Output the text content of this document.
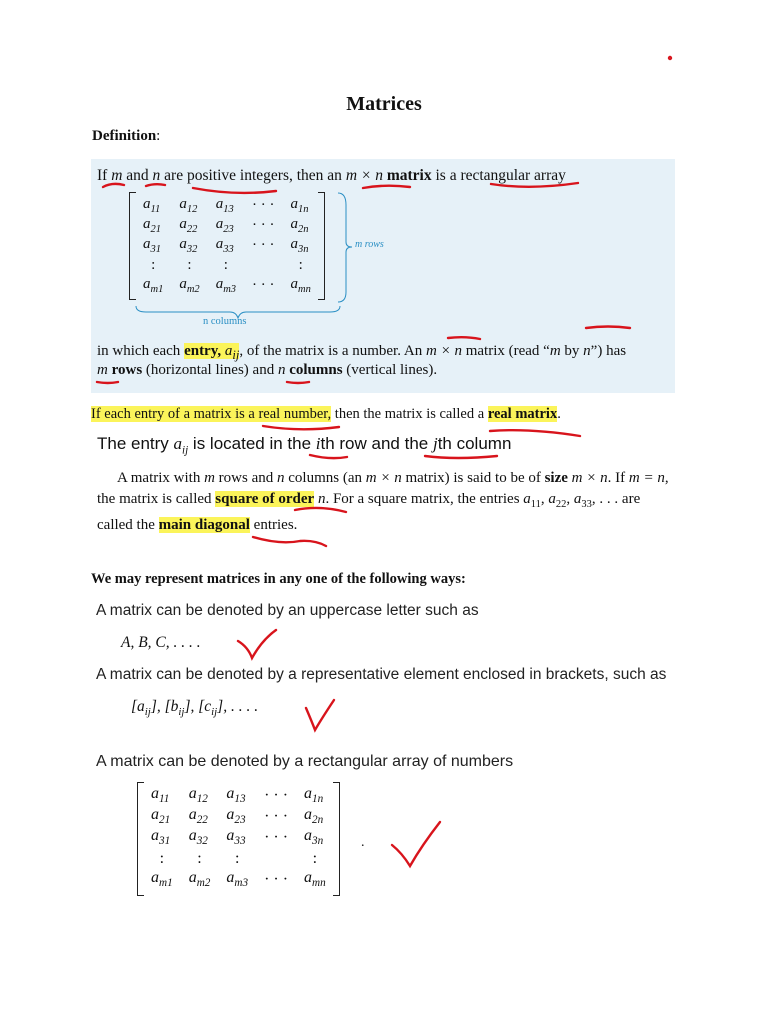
Matrices
Definition:
If m and n are positive integers, then an m × n matrix is a rectangular array
$a_{11}$	$a_{12}$	$a_{13}$	· · ·	$a_{1n}$
$a_{21}$	$a_{22}$	$a_{23}$	· · ·	$a_{2n}$
$a_{31}$	$a_{32}$	$a_{33}$	· · ·	$a_{3n}$
:	:	:		:
$a_{m1}$	$a_{m2}$	$a_{m3}$	· · ·	$a_{mn}$
m rows
n columns
in which each entry, $a_{ij}$, of the matrix is a number. An m × n matrix (read “m by n”) has
m rows (horizontal lines) and n columns (vertical lines).
If each entry of a matrix is a real number, then the matrix is called a real matrix.
The entry $a_{ij}$ is located in the ith row and the jth column
A matrix with m rows and n columns (an m × n matrix) is said to be of size m × n. If m = n, the matrix is called square of order n. For a square matrix, the entries $a_{11}$, $a_{22}$, $a_{33}$, . . . are called the main diagonal entries.
We may represent matrices in any one of the following ways:
A matrix can be denoted by an uppercase letter such as
A, B, C, . . . .
A matrix can be denoted by a representative element enclosed in brackets, such as
$[a_{ij}]$, $[b_{ij}]$, $[c_{ij}]$, . . . .
A matrix can be denoted by a rectangular array of numbers
$a_{11}$	$a_{12}$	$a_{13}$	· · ·	$a_{1n}$
$a_{21}$	$a_{22}$	$a_{23}$	· · ·	$a_{2n}$
$a_{31}$	$a_{32}$	$a_{33}$	· · ·	$a_{3n}$
:	:	:		:
$a_{m1}$	$a_{m2}$	$a_{m3}$	· · ·	$a_{mn}$
.
